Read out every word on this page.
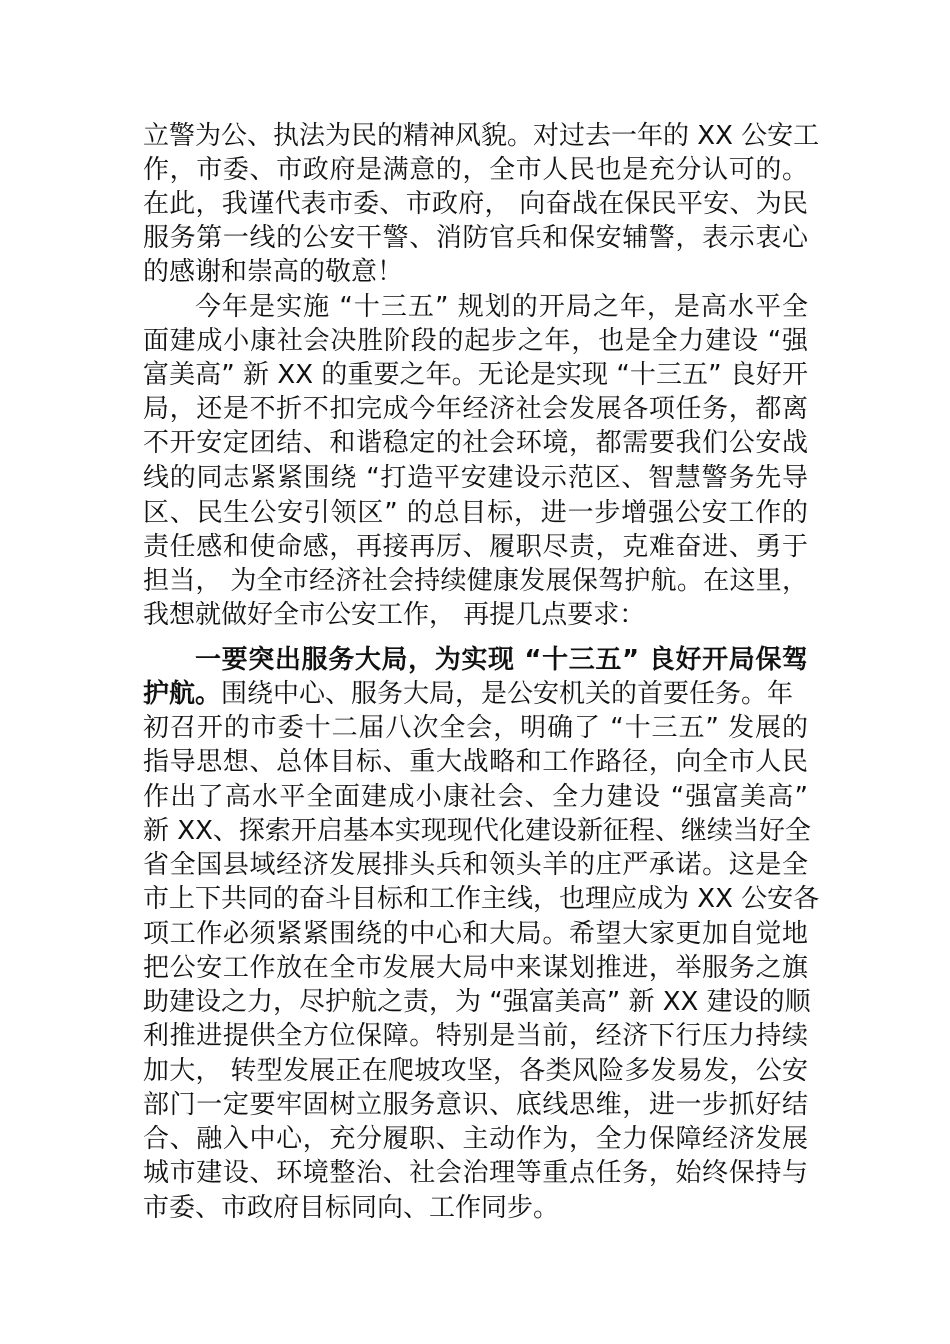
立警为公、执法为民的精神风貌。对过去一年的 XX 公安工

作，市委、市政府是满意的，全市人民也是充分认可的。

在此，我谨代表市委、市政府， 向奋战在保民平安、为民

服务第一线的公安干警、消防官兵和保安辅警，表示衷心

的感谢和崇高的敬意！

今年是实施 “十三五” 规划的开局之年，是高水平全

面建成小康社会决胜阶段的起步之年，也是全力建设 “强

富美高” 新 XX 的重要之年。无论是实现 “十三五” 良好开

局，还是不折不扣完成今年经济社会发展各项任务，都离

不开安定团结、和谐稳定的社会环境，都需要我们公安战

线的同志紧紧围绕 “打造平安建设示范区、智慧警务先导

区、民生公安引领区” 的总目标，进一步增强公安工作的

责任感和使命感，再接再厉、履职尽责，克难奋进、勇于

担当， 为全市经济社会持续健康发展保驾护航。在这里，

我想就做好全市公安工作， 再提几点要求：

一要突出服务大局，为实现 “十三五” 良好开局保驾

护航。围绕中心、服务大局，是公安机关的首要任务。年

初召开的市委十二届八次全会，明确了 “十三五” 发展的

指导思想、总体目标、重大战略和工作路径，向全市人民

作出了高水平全面建成小康社会、全力建设 “强富美高”

新 XX、探索开启基本实现现代化建设新征程、继续当好全

省全国县域经济发展排头兵和领头羊的庄严承诺。这是全

市上下共同的奋斗目标和工作主线，也理应成为 XX 公安各

项工作必须紧紧围绕的中心和大局。希望大家更加自觉地

把公安工作放在全市发展大局中来谋划推进，举服务之旗

助建设之力，尽护航之责，为 “强富美高” 新 XX 建设的顺

利推进提供全方位保障。特别是当前，经济下行压力持续

加大， 转型发展正在爬坡攻坚，各类风险多发易发，公安

部门一定要牢固树立服务意识、底线思维，进一步抓好结

合、融入中心，充分履职、主动作为，全力保障经济发展

城市建设、环境整治、社会治理等重点任务，始终保持与

市委、市政府目标同向、工作同步。
